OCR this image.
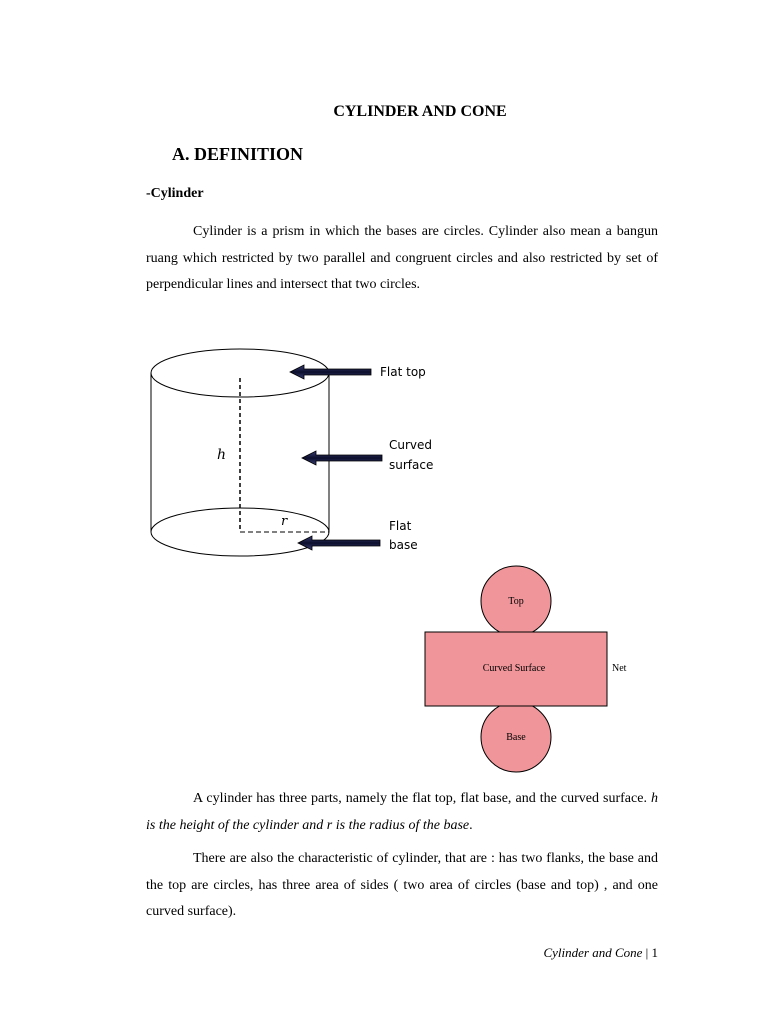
CYLINDER AND CONE
A. DEFINITION
-Cylinder

Cylinder is a prism in which the bases are circles. Cylinder also mean a bangun ruang which restricted by two parallel and congruent circles and also restricted by set of perpendicular lines and intersect that two circles.

h
r
Flat top
Curved
surface
Flat
base
Top
Curved Surface
Base
Net

A cylinder has three parts, namely the flat top, flat base, and the curved surface. h is the height of the cylinder and r is the radius of the base.

There are also the characteristic of cylinder, that are : has two flanks, the base and the top are circles, has three area of sides ( two area of circles (base and top) , and one curved surface).

Cylinder and Cone | 1
